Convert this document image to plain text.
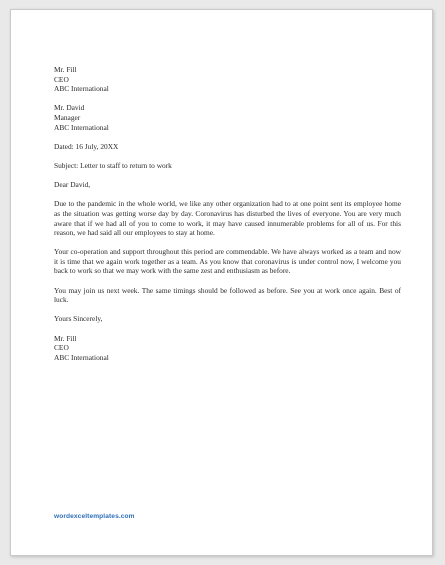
Mr. Fill
CEO
ABC International
Mr. David
Manager
ABC International
Dated: 16 July, 20XX
Subject: Letter to staff to return to work
Dear David,

Due to the pandemic in the whole world, we like any other organization had to at one point sent its employee home as the situation was getting worse day by day. Coronavirus has disturbed the lives of everyone. You are very much aware that if we had all of you to come to work, it may have caused innumerable problems for all of us. For this reason, we had said all our employees to stay at home.

Your co-operation and support throughout this period are commendable. We have always worked as a team and now it is time that we again work together as a team. As you know that coronavirus is under control now, I welcome you back to work so that we may work with the same zest and enthusiasm as before.

You may join us next week. The same timings should be followed as before. See you at work once again. Best of luck.

Yours Sincerely,
Mr. Fill
CEO
ABC International
wordexceltemplates.com
